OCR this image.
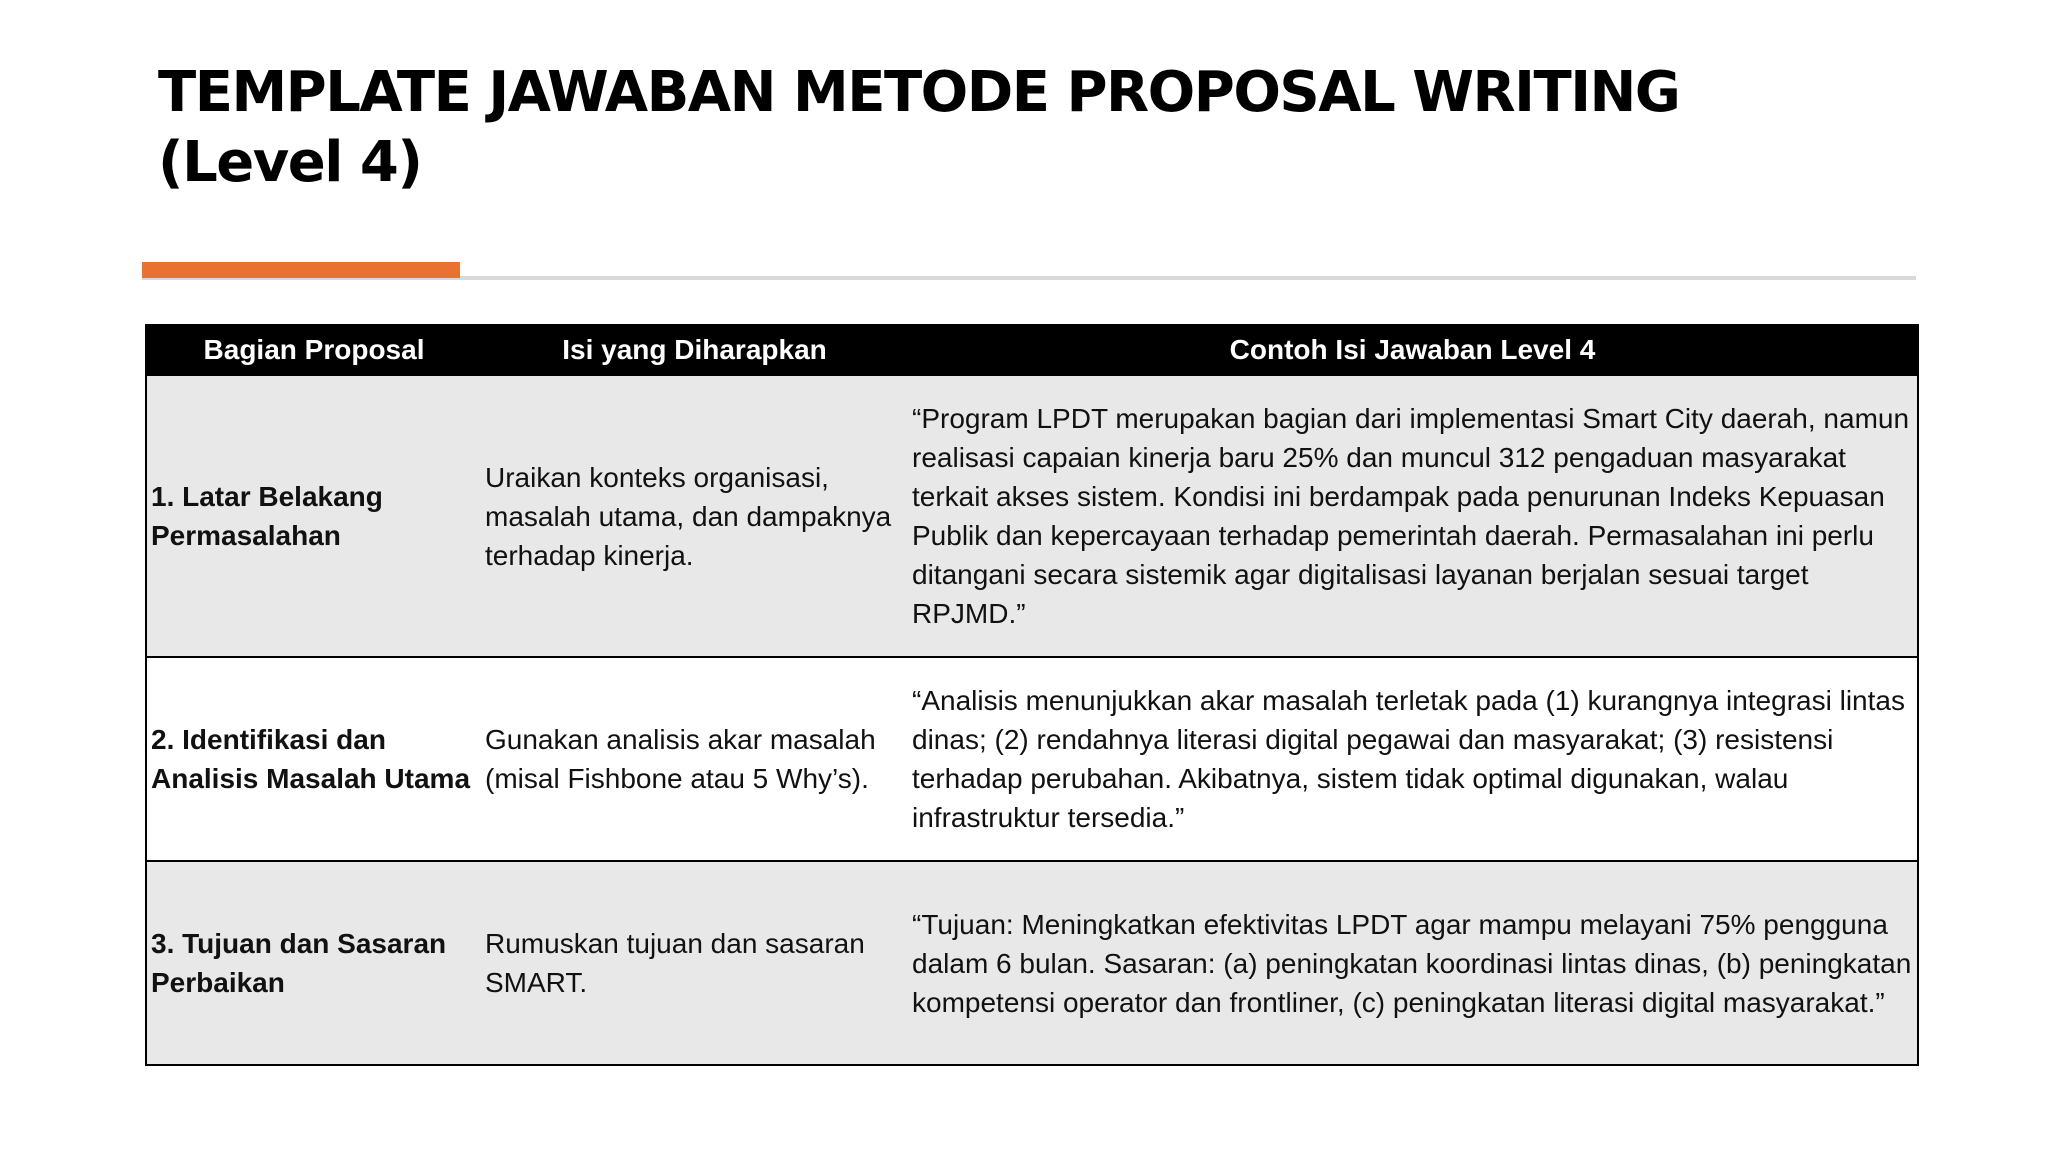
TEMPLATE JAWABAN METODE PROPOSAL WRITING
(Level 4)
Bagian Proposal	Isi yang Diharapkan	Contoh Isi Jawaban Level 4
1. Latar Belakang Permasalahan	Uraikan konteks organisasi, masalah utama, dan dampaknya terhadap kinerja.	“Program LPDT merupakan bagian dari implementasi Smart City daerah, namun realisasi capaian kinerja baru 25% dan muncul 312 pengaduan masyarakat terkait akses sistem. Kondisi ini berdampak pada penurunan Indeks Kepuasan Publik dan kepercayaan terhadap pemerintah daerah. Permasalahan ini perlu ditangani secara sistemik agar digitalisasi layanan berjalan sesuai target RPJMD.”
2. Identifikasi dan Analisis Masalah Utama	Gunakan analisis akar masalah (misal Fishbone atau 5 Why’s).	“Analisis menunjukkan akar masalah terletak pada (1) kurangnya integrasi lintas dinas; (2) rendahnya literasi digital pegawai dan masyarakat; (3) resistensi terhadap perubahan. Akibatnya, sistem tidak optimal digunakan, walau infrastruktur tersedia.”
3. Tujuan dan Sasaran Perbaikan	Rumuskan tujuan dan sasaran SMART.	“Tujuan: Meningkatkan efektivitas LPDT agar mampu melayani 75% pengguna dalam 6 bulan. Sasaran: (a) peningkatan koordinasi lintas dinas, (b) peningkatan kompetensi operator dan frontliner, (c) peningkatan literasi digital masyarakat.”
